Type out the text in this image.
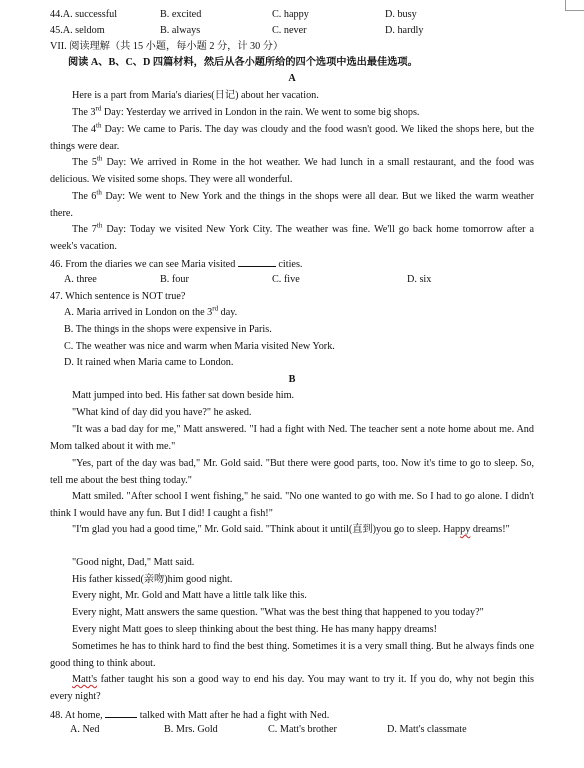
44.A. successful	B. excited	C. happy	D. busy
45.A. seldom	B. always	C. never	D. hardly
VII. 阅读理解（共 15 小题，每小题 2 分，计 30 分）
阅读 A、B、C、D 四篇材料，然后从各小题所给的四个选项中选出最佳选项。
A
Here is a part from Maria's diaries(日记) about her vacation.
The 3rd Day: Yesterday we arrived in London in the rain. We went to some big shops.
The 4th Day: We came to Paris. The day was cloudy and the food wasn't good. We liked the shops here, but the things were dear.
The 5th Day: We arrived in Rome in the hot weather. We had lunch in a small restaurant, and the food was delicious. We visited some shops. They were all wonderful.
The 6th Day: We went to New York and the things in the shops were all dear. But we liked the warm weather there.
The 7th Day: Today we visited New York City. The weather was fine. We'll go back home tomorrow after a week's vacation.
46. From the diaries we can see Maria visited	cities.
A. three	B. four	C. five	D. six
47. Which sentence is NOT true?
A. Maria arrived in London on the 3rd day.
B. The things in the shops were expensive in Paris.
C. The weather was nice and warm when Maria visited New York.
D. It rained when Maria came to London.
B
Matt jumped into bed. His father sat down beside him.
"What kind of day did you have?" he asked.
"It was a bad day for me," Matt answered. "I had a fight with Ned. The teacher sent a note home about me. And Mom talked about it with me."
"Yes, part of the day was bad," Mr. Gold said. "But there were good parts, too. Now it's time to go to sleep. So, tell me about the best thing today."
Matt smiled. "After school I went fishing," he said. "No one wanted to go with me. So I had to go alone. I didn't think I would have any fun. But I did! I caught a fish!"
"I'm glad you had a good time," Mr. Gold said. "Think about it until(直到)you go to sleep. Happy dreams!"
"Good night, Dad," Matt said.
His father kissed(亲吻)him good night.
Every night, Mr. Gold and Matt have a little talk like this.
Every night, Matt answers the same question. "What was the best thing that happened to you today?"
Every night Matt goes to sleep thinking about the best thing. He has many happy dreams!
Sometimes he has to think hard to find the best thing. Sometimes it is a very small thing. But he always finds one good thing to think about.
Matt's father taught his son a good way to end his day. You may want to try it. If you do, why not begin this every night?
48. At home,	talked with Matt after he had a fight with Ned.
A. Ned	B. Mrs. Gold	C. Matt's brother	D. Matt's classmate
